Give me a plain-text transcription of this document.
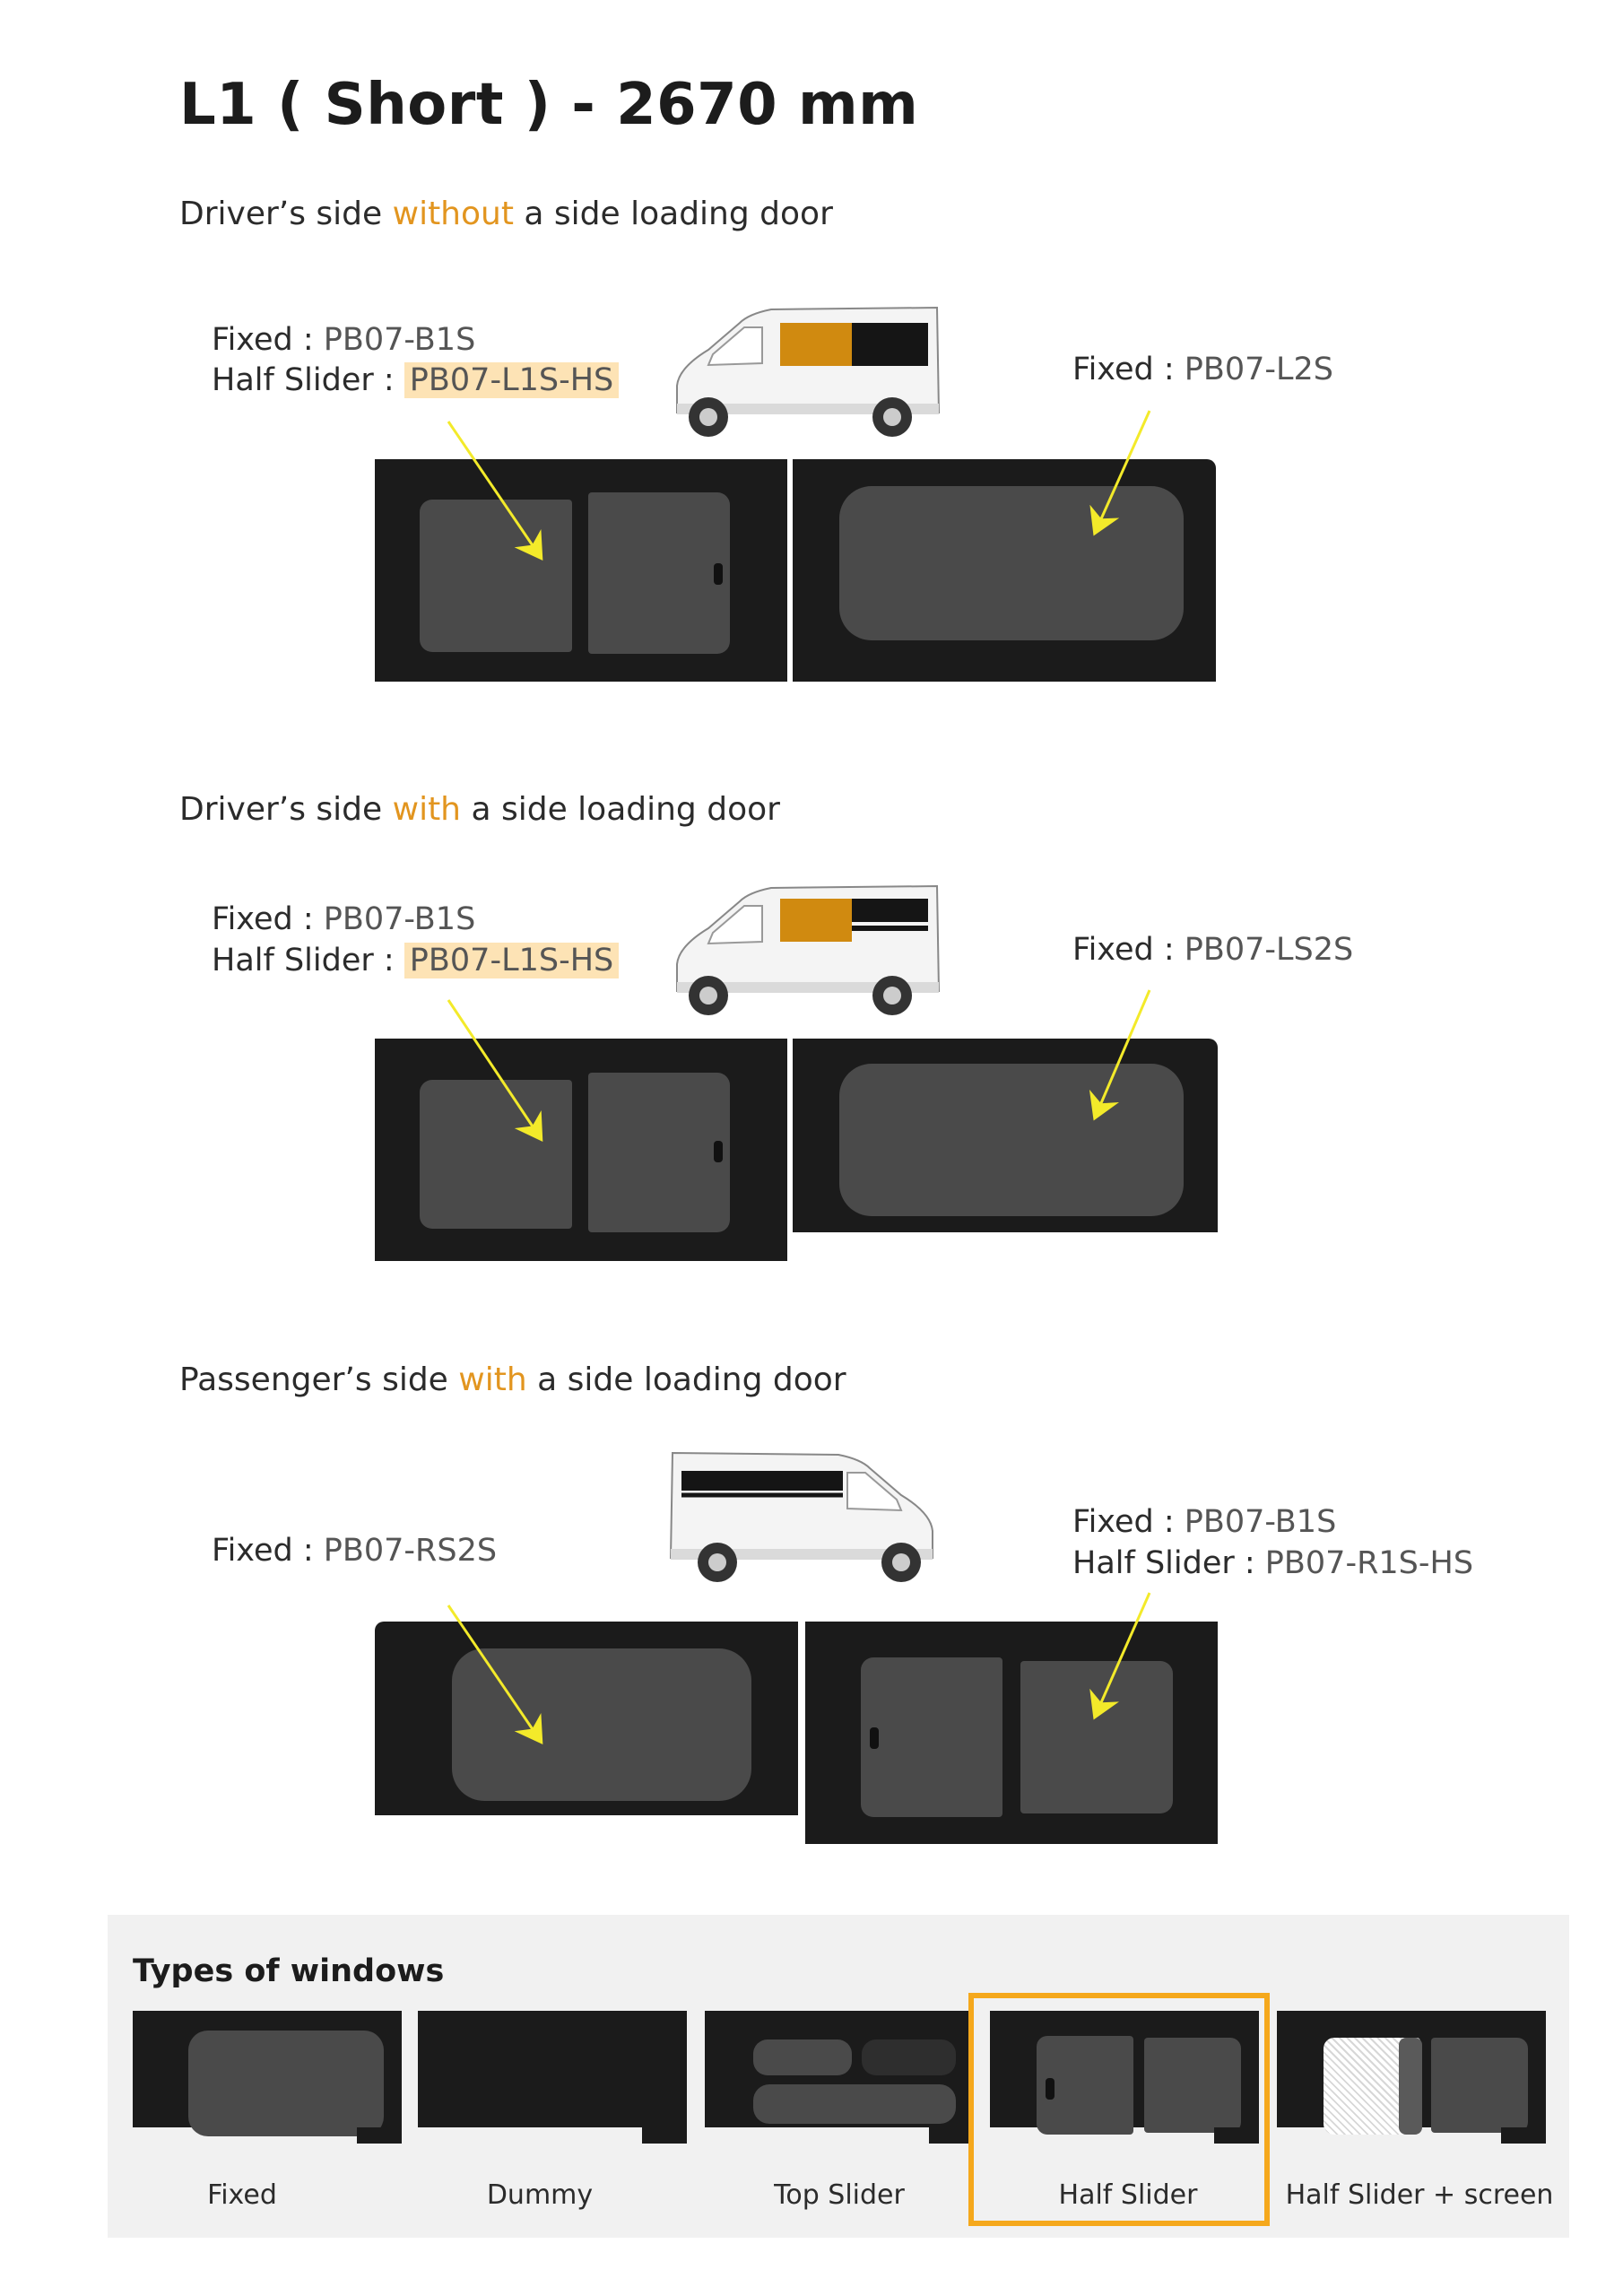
L1 ( Short ) - 2670 mm
Driver’s side without a side loading door
Fixed : PB07-B1S
Half Slider : PB07-L1S-HS	Fixed : PB07-L2S
Driver’s side with a side loading door
Fixed : PB07-B1S
Half Slider : PB07-L1S-HS	Fixed : PB07-LS2S
Passenger’s side with a side loading door
Fixed : PB07-RS2S
Fixed : PB07-B1S
Half Slider : PB07-R1S-HS
Types of windows
Fixed	Dummy	Top Slider	Half Slider	Half Slider + screen
